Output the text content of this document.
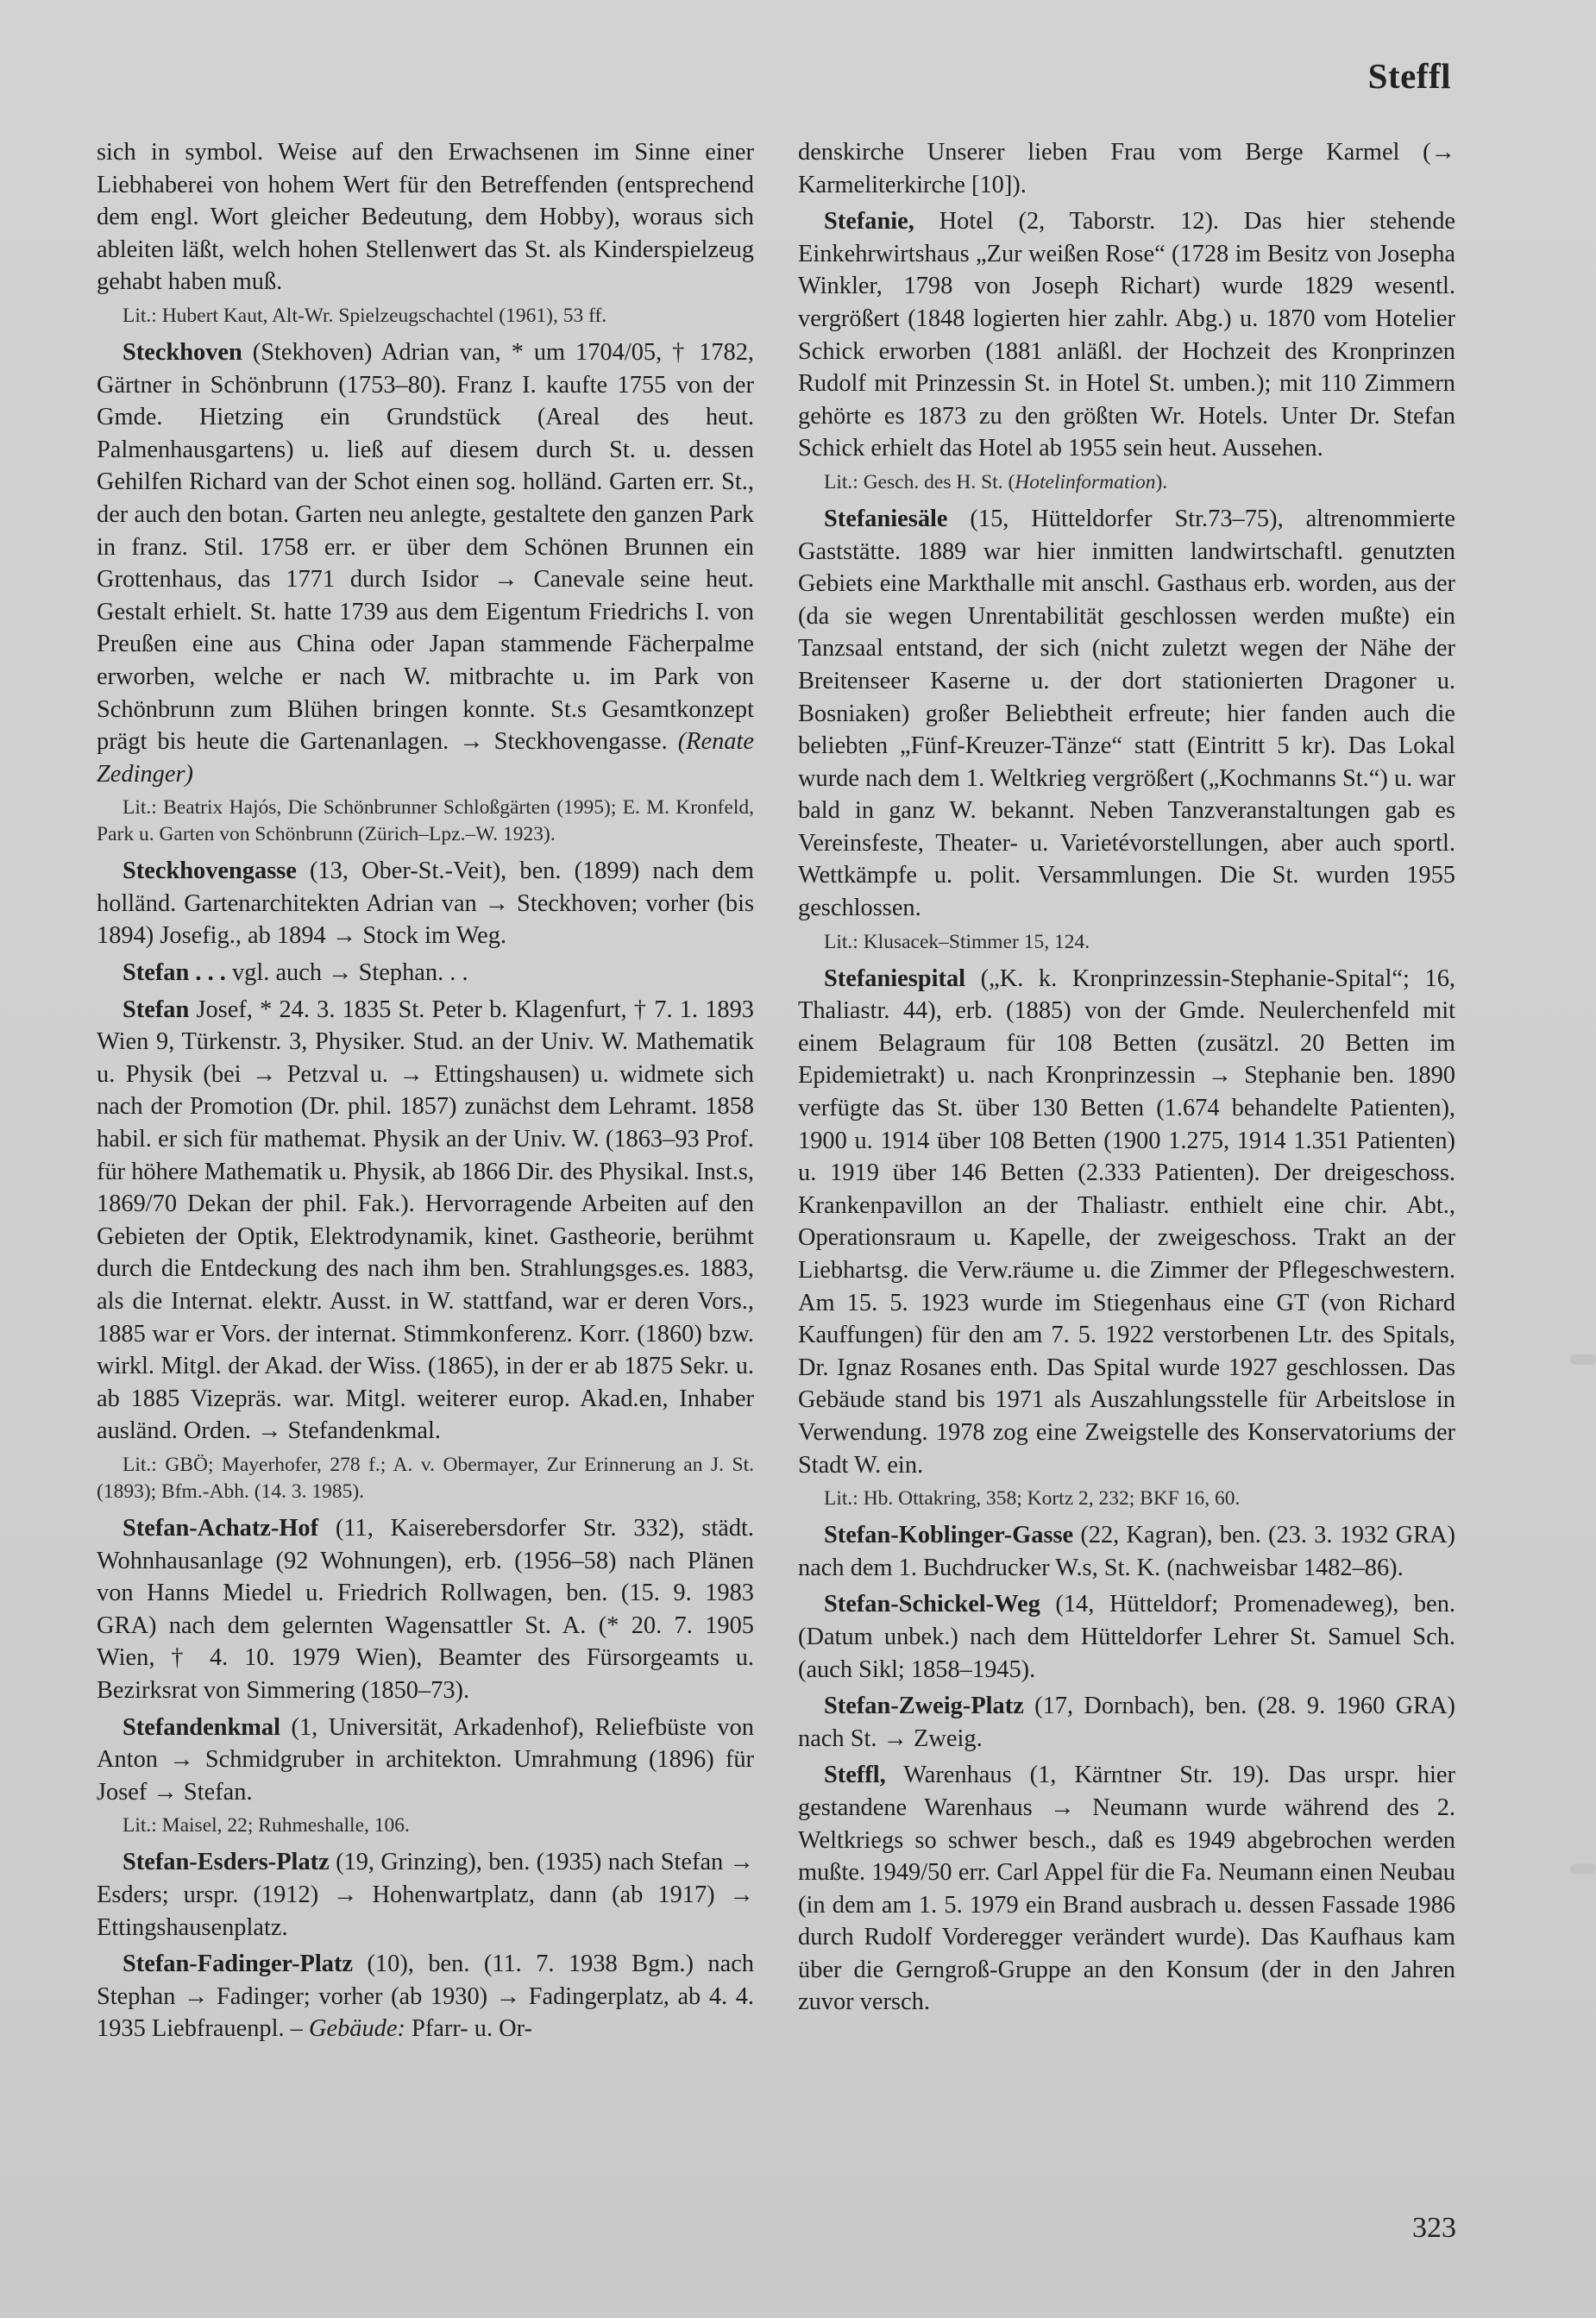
Steffl

sich in symbol. Weise auf den Erwachsenen im Sinne einer Liebhaberei von hohem Wert für den Betreffenden (entsprechend dem engl. Wort gleicher Bedeutung, dem Hobby), woraus sich ableiten läßt, welch hohen Stellenwert das St. als Kinderspielzeug gehabt haben muß.

Lit.: Hubert Kaut, Alt-Wr. Spielzeugschachtel (1961), 53 ff.

Steckhoven (Stekhoven) Adrian van, * um 1704/05, † 1782, Gärtner in Schönbrunn (1753–80). Franz I. kaufte 1755 von der Gmde. Hietzing ein Grundstück (Areal des heut. Palmenhausgartens) u. ließ auf diesem durch St. u. dessen Gehilfen Richard van der Schot einen sog. holländ. Garten err. St., der auch den botan. Garten neu anlegte, gestaltete den ganzen Park in franz. Stil. 1758 err. er über dem Schönen Brunnen ein Grottenhaus, das 1771 durch Isidor → Canevale seine heut. Gestalt erhielt. St. hatte 1739 aus dem Eigentum Friedrichs I. von Preußen eine aus China oder Japan stammende Fächerpalme erworben, welche er nach W. mitbrachte u. im Park von Schönbrunn zum Blühen bringen konnte. St.s Gesamtkonzept prägt bis heute die Gartenanlagen. → Steckhovengasse. (Renate Zedinger)

Lit.: Beatrix Hajós, Die Schönbrunner Schloßgärten (1995); E. M. Kronfeld, Park u. Garten von Schönbrunn (Zürich–Lpz.–W. 1923).

Steckhovengasse (13, Ober-St.-Veit), ben. (1899) nach dem holländ. Gartenarchitekten Adrian van → Steckhoven; vorher (bis 1894) Josefig., ab 1894 → Stock im Weg.

Stefan . . . vgl. auch → Stephan. . .

Stefan Josef, * 24. 3. 1835 St. Peter b. Klagenfurt, † 7. 1. 1893 Wien 9, Türkenstr. 3, Physiker. Stud. an der Univ. W. Mathematik u. Physik (bei → Petzval u. → Ettingshausen) u. widmete sich nach der Promotion (Dr. phil. 1857) zunächst dem Lehramt. 1858 habil. er sich für mathemat. Physik an der Univ. W. (1863–93 Prof. für höhere Mathematik u. Physik, ab 1866 Dir. des Physikal. Inst.s, 1869/70 Dekan der phil. Fak.). Hervorragende Arbeiten auf den Gebieten der Optik, Elektrodynamik, kinet. Gastheorie, berühmt durch die Entdeckung des nach ihm ben. Strahlungsges.es. 1883, als die Internat. elektr. Ausst. in W. stattfand, war er deren Vors., 1885 war er Vors. der internat. Stimmkonferenz. Korr. (1860) bzw. wirkl. Mitgl. der Akad. der Wiss. (1865), in der er ab 1875 Sekr. u. ab 1885 Vizepräs. war. Mitgl. weiterer europ. Akad.en, Inhaber ausländ. Orden. → Stefandenkmal.

Lit.: GBÖ; Mayerhofer, 278 f.; A. v. Obermayer, Zur Erinnerung an J. St. (1893); Bfm.-Abh. (14. 3. 1985).

Stefan-Achatz-Hof (11, Kaiserebersdorfer Str. 332), städt. Wohnhausanlage (92 Wohnungen), erb. (1956–58) nach Plänen von Hanns Miedel u. Friedrich Rollwagen, ben. (15. 9. 1983 GRA) nach dem gelernten Wagensattler St. A. (* 20. 7. 1905 Wien, † 4. 10. 1979 Wien), Beamter des Fürsorgeamts u. Bezirksrat von Simmering (1850–73).

Stefandenkmal (1, Universität, Arkadenhof), Reliefbüste von Anton → Schmidgruber in architekton. Umrahmung (1896) für Josef → Stefan.

Lit.: Maisel, 22; Ruhmeshalle, 106.

Stefan-Esders-Platz (19, Grinzing), ben. (1935) nach Stefan → Esders; urspr. (1912) → Hohenwartplatz, dann (ab 1917) → Ettingshausenplatz.

Stefan-Fadinger-Platz (10), ben. (11. 7. 1938 Bgm.) nach Stephan → Fadinger; vorher (ab 1930) → Fadingerplatz, ab 4. 4. 1935 Liebfrauenpl. – Gebäude: Pfarr- u. Or-

denskirche Unserer lieben Frau vom Berge Karmel (→ Karmeliterkirche [10]).

Stefanie, Hotel (2, Taborstr. 12). Das hier stehende Einkehrwirtshaus „Zur weißen Rose“ (1728 im Besitz von Josepha Winkler, 1798 von Joseph Richart) wurde 1829 wesentl. vergrößert (1848 logierten hier zahlr. Abg.) u. 1870 vom Hotelier Schick erworben (1881 anläßl. der Hochzeit des Kronprinzen Rudolf mit Prinzessin St. in Hotel St. umben.); mit 110 Zimmern gehörte es 1873 zu den größten Wr. Hotels. Unter Dr. Stefan Schick erhielt das Hotel ab 1955 sein heut. Aussehen.

Lit.: Gesch. des H. St. (Hotelinformation).

Stefaniesäle (15, Hütteldorfer Str.73–75), altrenommierte Gaststätte. 1889 war hier inmitten landwirtschaftl. genutzten Gebiets eine Markthalle mit anschl. Gasthaus erb. worden, aus der (da sie wegen Unrentabilität geschlossen werden mußte) ein Tanzsaal entstand, der sich (nicht zuletzt wegen der Nähe der Breitenseer Kaserne u. der dort stationierten Dragoner u. Bosniaken) großer Beliebtheit erfreute; hier fanden auch die beliebten „Fünf-Kreuzer-Tänze“ statt (Eintritt 5 kr). Das Lokal wurde nach dem 1. Weltkrieg vergrößert („Kochmanns St.“) u. war bald in ganz W. bekannt. Neben Tanzveranstaltungen gab es Vereinsfeste, Theater- u. Varietévorstellungen, aber auch sportl. Wettkämpfe u. polit. Versammlungen. Die St. wurden 1955 geschlossen.

Lit.: Klusacek–Stimmer 15, 124.

Stefaniespital („K. k. Kronprinzessin-Stephanie-Spital“; 16, Thaliastr. 44), erb. (1885) von der Gmde. Neulerchenfeld mit einem Belagraum für 108 Betten (zusätzl. 20 Betten im Epidemietrakt) u. nach Kronprinzessin → Stephanie ben. 1890 verfügte das St. über 130 Betten (1.674 behandelte Patienten), 1900 u. 1914 über 108 Betten (1900 1.275, 1914 1.351 Patienten) u. 1919 über 146 Betten (2.333 Patienten). Der dreigeschoss. Krankenpavillon an der Thaliastr. enthielt eine chir. Abt., Operationsraum u. Kapelle, der zweigeschoss. Trakt an der Liebhartsg. die Verw.räume u. die Zimmer der Pflegeschwestern. Am 15. 5. 1923 wurde im Stiegenhaus eine GT (von Richard Kauffungen) für den am 7. 5. 1922 verstorbenen Ltr. des Spitals, Dr. Ignaz Rosanes enth. Das Spital wurde 1927 geschlossen. Das Gebäude stand bis 1971 als Auszahlungsstelle für Arbeitslose in Verwendung. 1978 zog eine Zweigstelle des Konservatoriums der Stadt W. ein.

Lit.: Hb. Ottakring, 358; Kortz 2, 232; BKF 16, 60.

Stefan-Koblinger-Gasse (22, Kagran), ben. (23. 3. 1932 GRA) nach dem 1. Buchdrucker W.s, St. K. (nachweisbar 1482–86).

Stefan-Schickel-Weg (14, Hütteldorf; Promenadeweg), ben. (Datum unbek.) nach dem Hütteldorfer Lehrer St. Samuel Sch. (auch Sikl; 1858–1945).

Stefan-Zweig-Platz (17, Dornbach), ben. (28. 9. 1960 GRA) nach St. → Zweig.

Steffl, Warenhaus (1, Kärntner Str. 19). Das urspr. hier gestandene Warenhaus → Neumann wurde während des 2. Weltkriegs so schwer besch., daß es 1949 abgebrochen werden mußte. 1949/50 err. Carl Appel für die Fa. Neumann einen Neubau (in dem am 1. 5. 1979 ein Brand ausbrach u. dessen Fassade 1986 durch Rudolf Vorderegger verändert wurde). Das Kaufhaus kam über die Gerngroß-Gruppe an den Konsum (der in den Jahren zuvor versch.

323
